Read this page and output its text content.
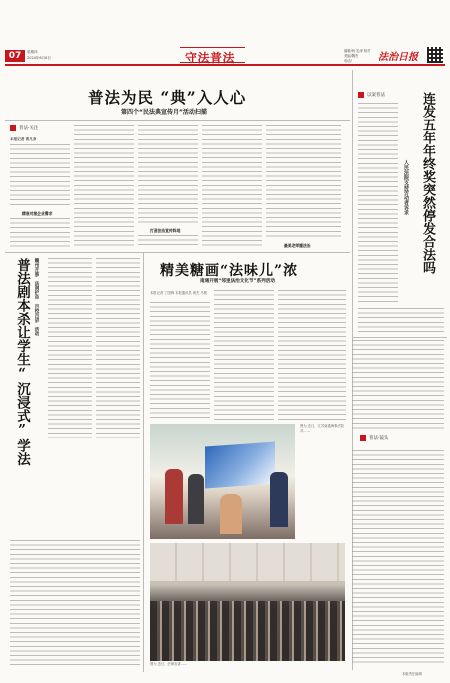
07	星期四
2024年6月6日	守法普法	编辑/杨 宏涛 校对
美编/魏杰
电话/	法治日报
普法·关注
普法为民 “典”入人心
第四个“民法典宣传月”活动扫描
本报记者 黄凡欢
精准对接企业需求
打造法治宣传阵地
最美老师播法治
以案普法	连发五年年终奖突然停发合法吗
人民法院支持劳动者诉求
普法剧本杀让学生“沉浸式”学法 赣州开展“法润护苗 百校百讲”活动	精美糖画“法味儿”浓
南通开展“邻里法治文化节”系列活动
本报记者 丁国锋 本报通讯员 黄杰 马骏
图为 近日，江苏南通海事法院对……
普法·镜头
图为 近日，法律宣讲……
本版责任编辑
